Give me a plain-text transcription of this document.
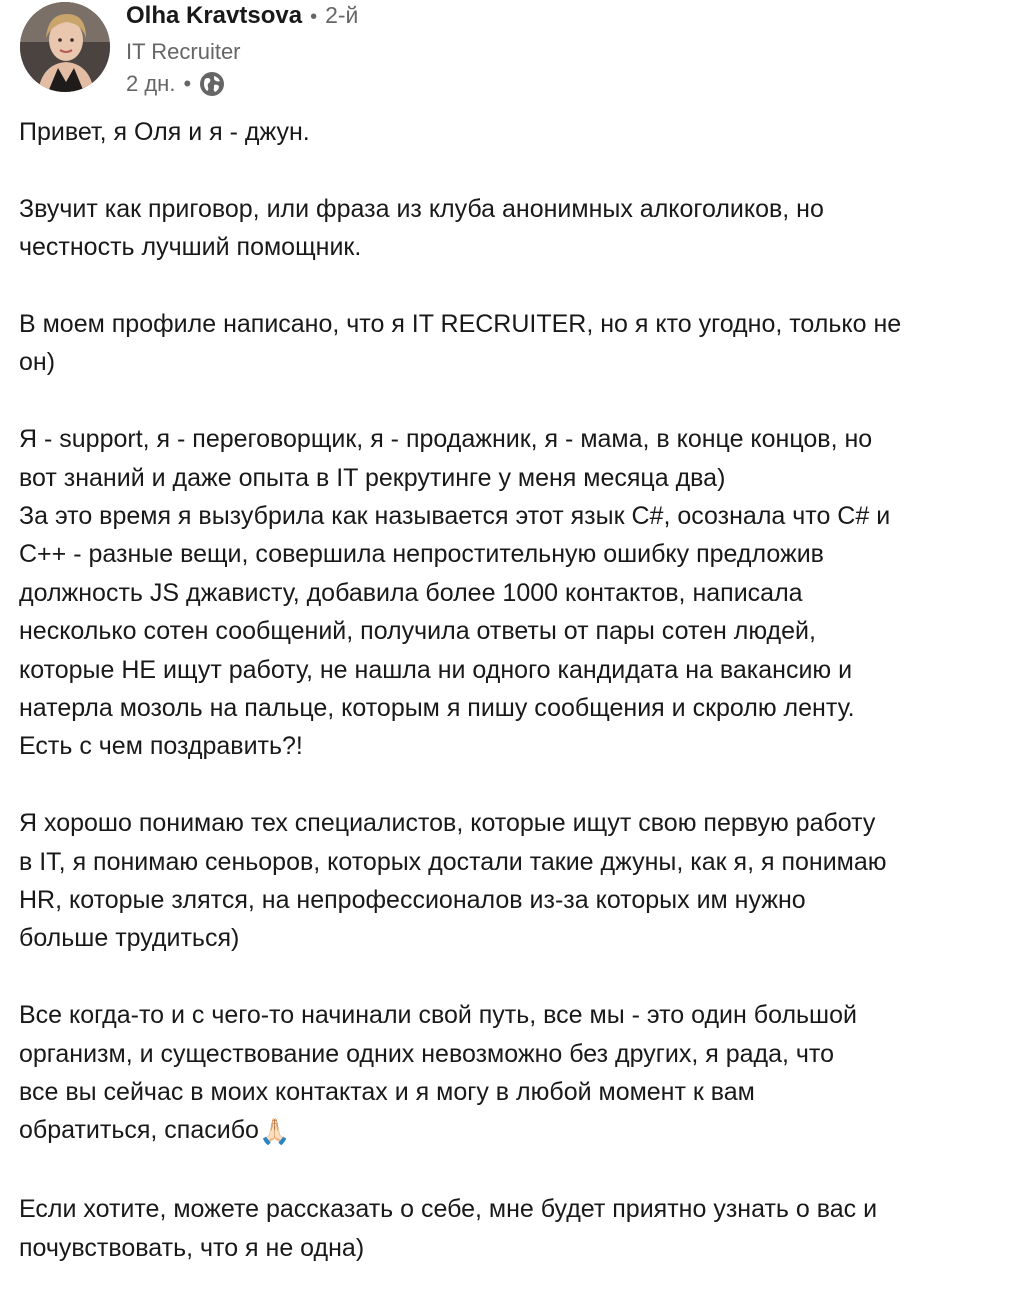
Olha Kravtsova • 2-й
IT Recruiter
2 дн. •

Привет, я Оля и я - джун.

Звучит как приговор, или фраза из клуба анонимных алкоголиков, но
честность лучший помощник.

В моем профиле написано, что я IT RECRUITER, но я кто угодно, только не
он)

Я - support, я - переговорщик, я - продажник, я - мама, в конце концов, но
вот знаний и даже опыта в IT рекрутинге у меня месяца два)

За это время я вызубрила как называется этот язык C#, осознала что C# и
C++ - разные вещи, совершила непростительную ошибку предложив
должность JS джависту, добавила более 1000 контактов, написала
несколько сотен сообщений, получила ответы от пары сотен людей,
которые НЕ ищут работу, не нашла ни одного кандидата на вакансию и
натерла мозоль на пальце, которым я пишу сообщения и скролю ленту.
Есть с чем поздравить?!

Я хорошо понимаю тех специалистов, которые ищут свою первую работу
в IT, я понимаю сеньоров, которых достали такие джуны, как я, я понимаю
HR, которые злятся, на непрофессионалов из-за которых им нужно
больше трудиться)

Все когда-то и с чего-то начинали свой путь, все мы - это один большой
организм, и существование одних невозможно без других, я рада, что
все вы сейчас в моих контактах и я могу в любой момент к вам
обратиться, спасибо🙏🏻

Если хотите, можете рассказать о себе, мне будет приятно узнать о вас и
почувствовать, что я не одна)
